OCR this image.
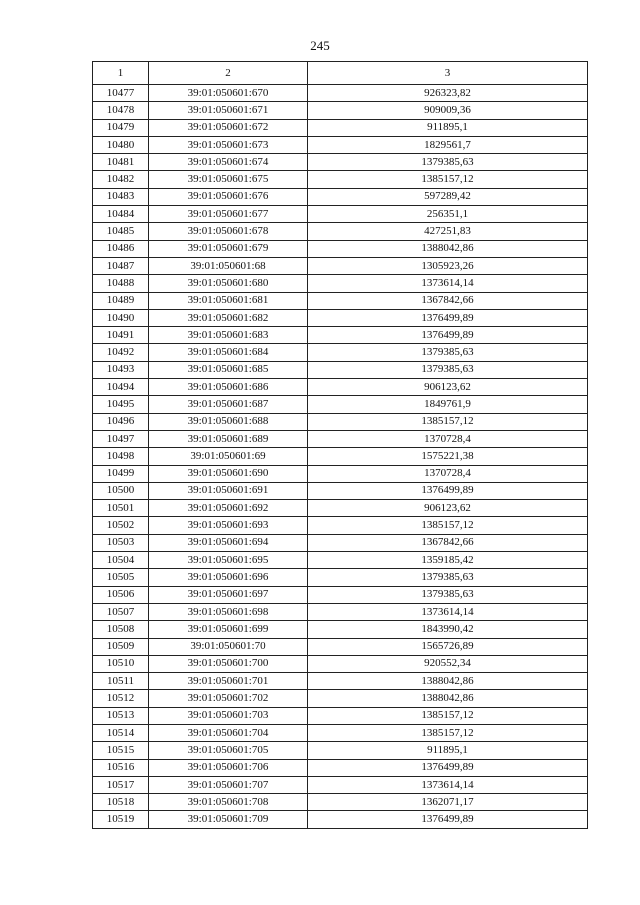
245
1	2	3
10477	39:01:050601:670	926323,82
10478	39:01:050601:671	909009,36
10479	39:01:050601:672	911895,1
10480	39:01:050601:673	1829561,7
10481	39:01:050601:674	1379385,63
10482	39:01:050601:675	1385157,12
10483	39:01:050601:676	597289,42
10484	39:01:050601:677	256351,1
10485	39:01:050601:678	427251,83
10486	39:01:050601:679	1388042,86
10487	39:01:050601:68	1305923,26
10488	39:01:050601:680	1373614,14
10489	39:01:050601:681	1367842,66
10490	39:01:050601:682	1376499,89
10491	39:01:050601:683	1376499,89
10492	39:01:050601:684	1379385,63
10493	39:01:050601:685	1379385,63
10494	39:01:050601:686	906123,62
10495	39:01:050601:687	1849761,9
10496	39:01:050601:688	1385157,12
10497	39:01:050601:689	1370728,4
10498	39:01:050601:69	1575221,38
10499	39:01:050601:690	1370728,4
10500	39:01:050601:691	1376499,89
10501	39:01:050601:692	906123,62
10502	39:01:050601:693	1385157,12
10503	39:01:050601:694	1367842,66
10504	39:01:050601:695	1359185,42
10505	39:01:050601:696	1379385,63
10506	39:01:050601:697	1379385,63
10507	39:01:050601:698	1373614,14
10508	39:01:050601:699	1843990,42
10509	39:01:050601:70	1565726,89
10510	39:01:050601:700	920552,34
10511	39:01:050601:701	1388042,86
10512	39:01:050601:702	1388042,86
10513	39:01:050601:703	1385157,12
10514	39:01:050601:704	1385157,12
10515	39:01:050601:705	911895,1
10516	39:01:050601:706	1376499,89
10517	39:01:050601:707	1373614,14
10518	39:01:050601:708	1362071,17
10519	39:01:050601:709	1376499,89
